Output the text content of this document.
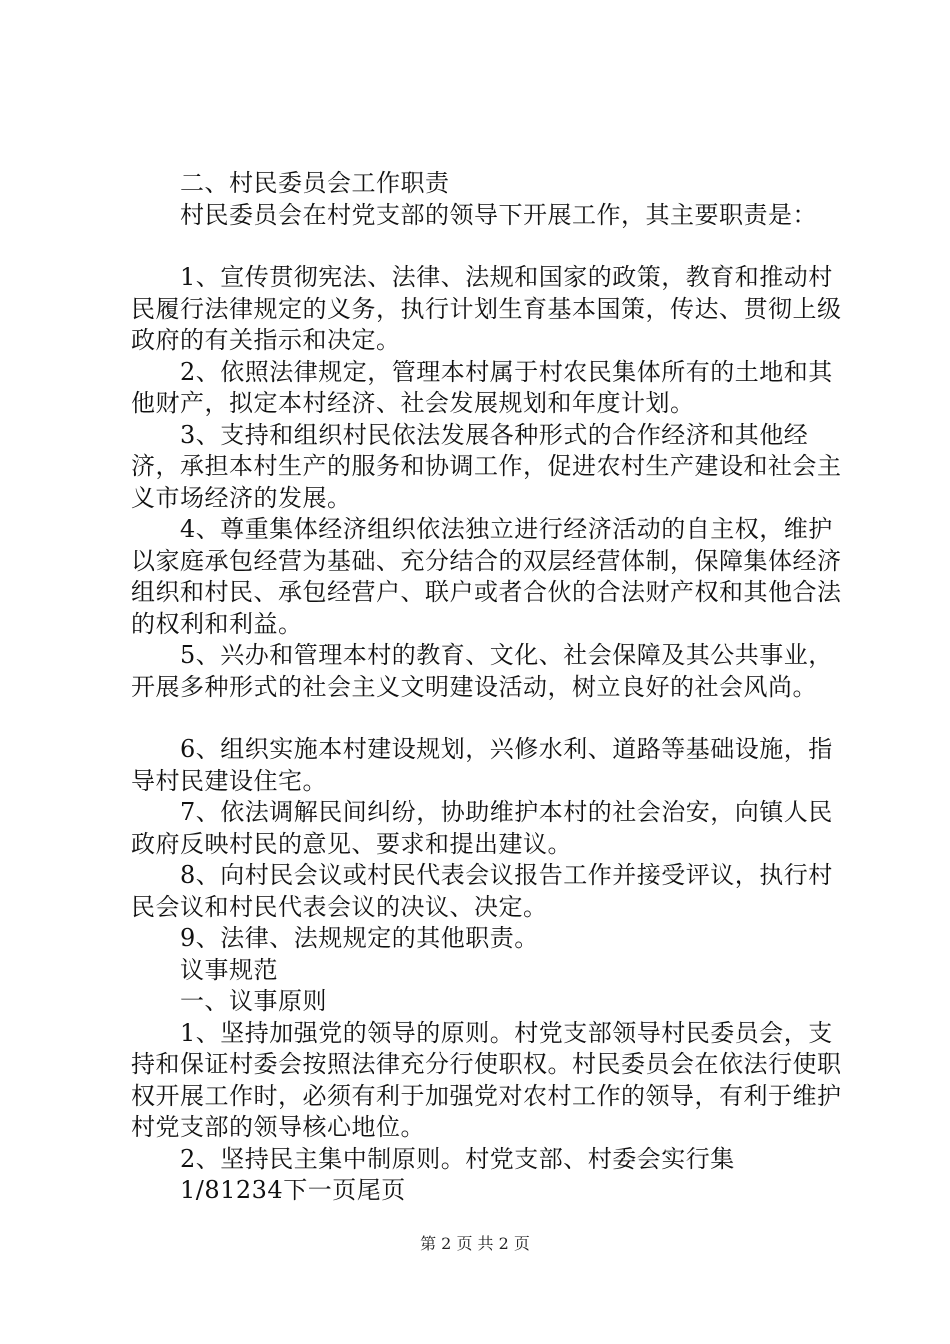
二、村民委员会工作职责

村民委员会在村党支部的领导下开展工作，其主要职责是：

1、宣传贯彻宪法、法律、法规和国家的政策，教育和推动村民履行法律规定的义务，执行计划生育基本国策，传达、贯彻上级政府的有关指示和决定。

2、依照法律规定，管理本村属于村农民集体所有的土地和其他财产，拟定本村经济、社会发展规划和年度计划。

3、支持和组织村民依法发展各种形式的合作经济和其他经济，承担本村生产的服务和协调工作，促进农村生产建设和社会主义市场经济的发展。

4、尊重集体经济组织依法独立进行经济活动的自主权，维护以家庭承包经营为基础、充分结合的双层经营体制，保障集体经济组织和村民、承包经营户、联户或者合伙的合法财产权和其他合法的权利和利益。

5、兴办和管理本村的教育、文化、社会保障及其公共事业，开展多种形式的社会主义文明建设活动，树立良好的社会风尚。

6、组织实施本村建设规划，兴修水利、道路等基础设施，指导村民建设住宅。

7、依法调解民间纠纷，协助维护本村的社会治安，向镇人民政府反映村民的意见、要求和提出建议。

8、向村民会议或村民代表会议报告工作并接受评议，执行村民会议和村民代表会议的决议、决定。

9、法律、法规规定的其他职责。

议事规范

一、议事原则

1、坚持加强党的领导的原则。村党支部领导村民委员会，支持和保证村委会按照法律充分行使职权。村民委员会在依法行使职权开展工作时，必须有利于加强党对农村工作的领导，有利于维护村党支部的领导核心地位。

2、坚持民主集中制原则。村党支部、村委会实行集

1/81234下一页尾页

第 2 页 共 2 页
